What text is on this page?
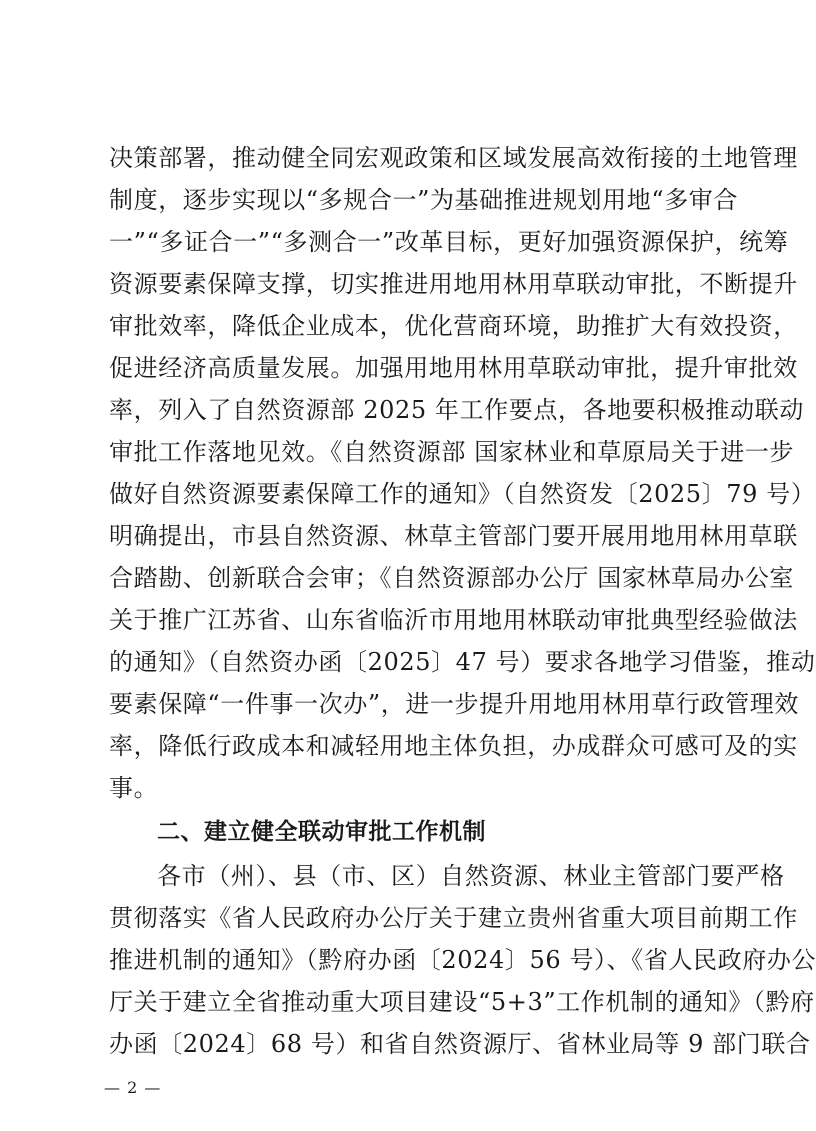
决策部署，推动健全同宏观政策和区域发展高效衔接的土地管理
制度，逐步实现以“多规合一”为基础推进规划用地“多审合
一”“多证合一”“多测合一”改革目标，更好加强资源保护，统筹
资源要素保障支撑，切实推进用地用林用草联动审批，不断提升
审批效率，降低企业成本，优化营商环境，助推扩大有效投资，
促进经济高质量发展。加强用地用林用草联动审批，提升审批效
率，列入了自然资源部 2025 年工作要点，各地要积极推动联动
审批工作落地见效。《自然资源部 国家林业和草原局关于进一步
做好自然资源要素保障工作的通知》（自然资发〔2025〕79 号）
明确提出，市县自然资源、林草主管部门要开展用地用林用草联
合踏勘、创新联合会审；《自然资源部办公厅 国家林草局办公室
关于推广江苏省、山东省临沂市用地用林联动审批典型经验做法
的通知》（自然资办函〔2025〕47 号）要求各地学习借鉴，推动
要素保障“一件事一次办”，进一步提升用地用林用草行政管理效
率，降低行政成本和减轻用地主体负担，办成群众可感可及的实
事。
二、建立健全联动审批工作机制
各市（州）、县（市、区）自然资源、林业主管部门要严格
贯彻落实《省人民政府办公厅关于建立贵州省重大项目前期工作
推进机制的通知》（黔府办函〔2024〕56 号）、《省人民政府办公
厅关于建立全省推动重大项目建设“5+3”工作机制的通知》（黔府
办函〔2024〕68 号）和省自然资源厅、省林业局等 9 部门联合
— 2 —
